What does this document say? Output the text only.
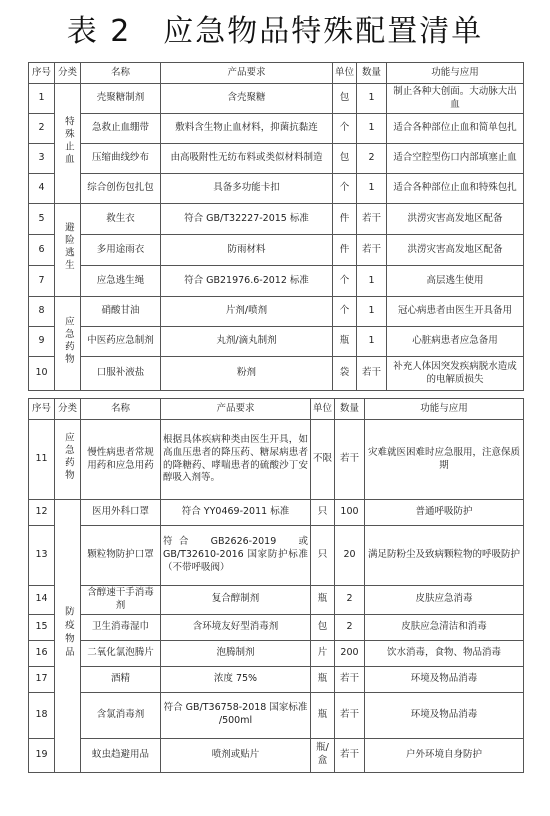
表 2　应急物品特殊配置清单
序号	分类	名称	产品要求	单位	数量	功能与应用
1	特殊止血	壳聚糖制剂	含壳聚糖	包	1	制止各种大创面。大动脉大出血
2		急救止血绷带	敷料含生物止血材料，抑菌抗黏连	个	1	适合各种部位止血和简单包扎
3		压缩曲线纱布	由高吸附性无纺布料或类似材料制造	包	2	适合空腔型伤口内部填塞止血
4		综合创伤包扎包	具备多功能卡扣	个	1	适合各种部位止血和特殊包扎
5	避险逃生	救生衣	符合 GB/T32227-2015 标准	件	若干	洪涝灾害高发地区配备
6		多用途雨衣	防雨材料	件	若干	洪涝灾害高发地区配备
7		应急逃生绳	符合 GB21976.6-2012 标准	个	1	高层逃生使用
8	应急药物	硝酸甘油	片剂/喷剂	个	1	冠心病患者由医生开具备用
9		中医药应急制剂	丸剂/滴丸制剂	瓶	1	心脏病患者应急备用
10		口服补液盐	粉剂	袋	若干	补充人体因突发疾病脱水造成的电解质损失
序号	分类	名称	产品要求	单位	数量	功能与应用
11	应急药物	慢性病患者常规用药和应急用药	根据具体疾病种类由医生开具，如高血压患者的降压药、糖尿病患者的降糖药、哮喘患者的硫酸沙丁安醇吸入剂等。	不限	若干	灾难就医困难时应急服用，注意保质期
12	防疫物品	医用外科口罩	符合 YY0469-2011 标准	只	100	普通呼吸防护
13		颗粒物防护口罩	符合　GB2626-2019　或 GB/T32610-2016 国家防护标准（不带呼吸阀）	只	20	满足防粉尘及致病颗粒物的呼吸防护
14		含醇速干手消毒剂	复合醇制剂	瓶	2	皮肤应急消毒
15		卫生消毒湿巾	含环境友好型消毒剂	包	2	皮肤应急清洁和消毒
16		二氧化氯泡腾片	泡腾制剂	片	200	饮水消毒，食物、物品消毒
17		酒精	浓度 75%	瓶	若干	环境及物品消毒
18		含氯消毒剂	符合 GB/T36758-2018 国家标准 /500ml	瓶	若干	环境及物品消毒
19		蚊虫趋避用品	喷剂或贴片	瓶/盒	若干	户外环境自身防护
